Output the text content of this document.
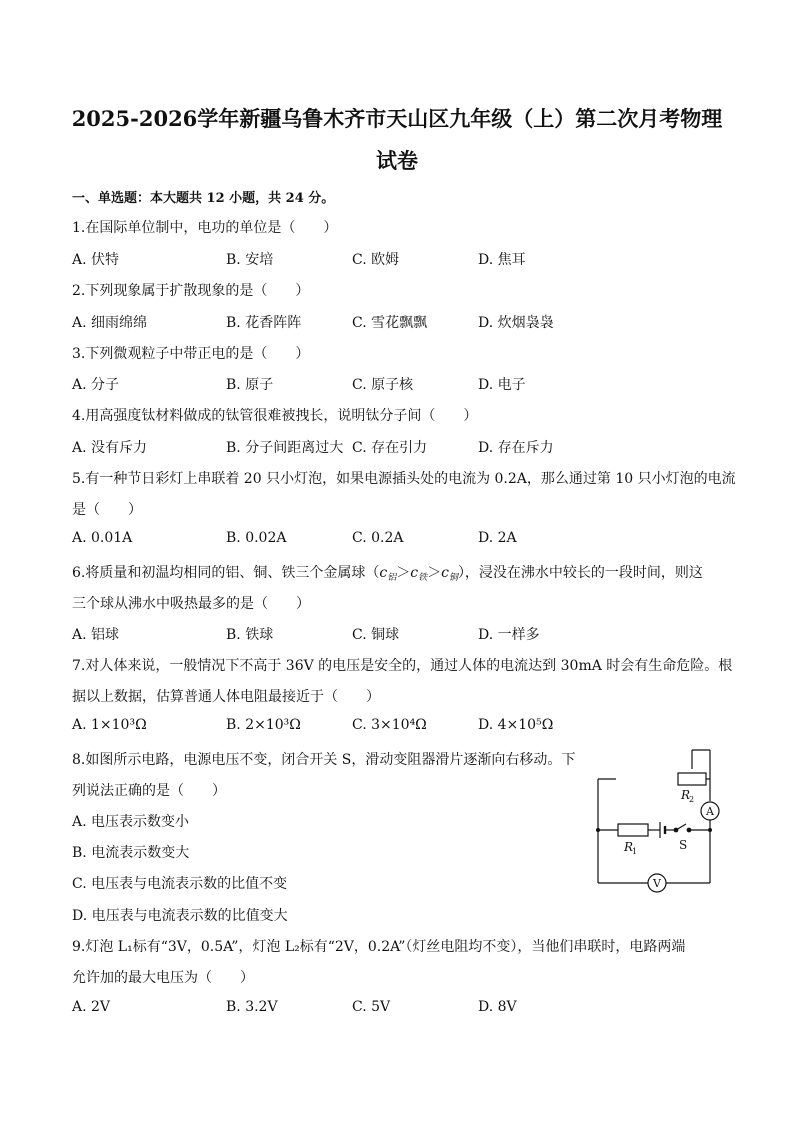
2025-2026学年新疆乌鲁木齐市天山区九年级（上）第二次月考物理
试卷
一、单选题：本大题共 12 小题，共 24 分。
1.在国际单位制中，电功的单位是（　　）
A. 伏特	B. 安培	C. 欧姆	D. 焦耳
2.下列现象属于扩散现象的是（　　）
A. 细雨绵绵	B. 花香阵阵	C. 雪花飘飘	D. 炊烟袅袅
3.下列微观粒子中带正电的是（　　）
A. 分子	B. 原子	C. 原子核	D. 电子
4.用高强度钛材料做成的钛管很难被拽长，说明钛分子间（　　）
A. 没有斥力	B. 分子间距离过大 C. 存在引力	D. 存在斥力
5.有一种节日彩灯上串联着 20 只小灯泡，如果电源插头处的电流为 0.2A，那么通过第 10 只小灯泡的电流
是（　　）
A. 0.01A	B. 0.02A	C. 0.2A	D. 2A
6.将质量和初温均相同的铝、铜、铁三个金属球$(c_铝>c_铁>c_铜)$，浸没在沸水中较长的一段时间，则这
三个球从沸水中吸热最多的是（　　）
A. 铝球	B. 铁球	C. 铜球	D. 一样多
7.对人体来说，一般情况下不高于 36V 的电压是安全的，通过人体的电流达到 30mA 时会有生命危险。根
据以上数据，估算普通人体电阻最接近于（　　）
A. 1×10³Ω	B. 2×10³Ω	C. 3×10⁴Ω	D. 4×10⁵Ω
8.如图所示电路，电源电压不变，闭合开关 S，滑动变阻器滑片逐渐向右移动。下
列说法正确的是（　　）
A. 电压表示数变小
B. 电流表示数变大
C. 电压表与电流表示数的比值不变
D. 电压表与电流表示数的比值变大
A
V
R
2
R
1	S
9.灯泡 L₁标有“3V，0.5A”，灯泡 L₂标有“2V，0.2A”（灯丝电阻均不变），当他们串联时，电路两端
允许加的最大电压为（　　）
A. 2V	B. 3.2V	C. 5V	D. 8V
